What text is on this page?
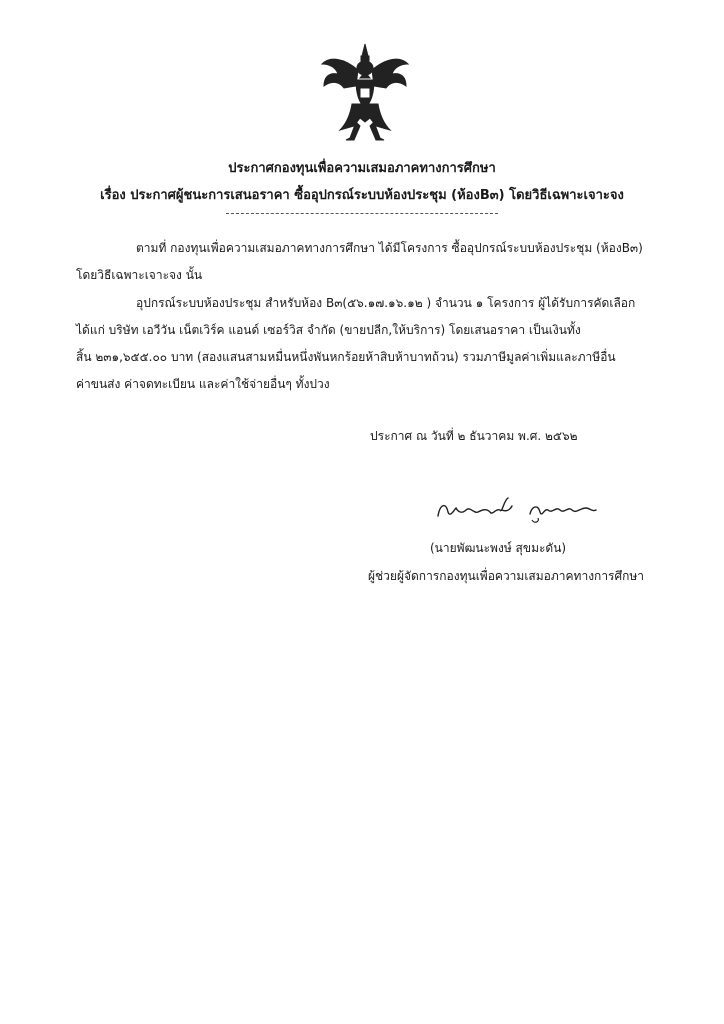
ประกาศกองทุนเพื่อความเสมอภาคทางการศึกษา
เรื่อง ประกาศผู้ชนะการเสนอราคา ซื้ออุปกรณ์ระบบห้องประชุม (ห้องB๓) โดยวิธีเฉพาะเจาะจง
ตามที่ กองทุนเพื่อความเสมอภาคทางการศึกษา ได้มีโครงการ ซื้ออุปกรณ์ระบบห้องประชุม (ห้องB๓)
โดยวิธีเฉพาะเจาะจง นั้น
อุปกรณ์ระบบห้องประชุม สำหรับห้อง B๓(๕๖.๑๗.๑๖.๑๒ ) จำนวน ๑ โครงการ ผู้ได้รับการคัดเลือก
ได้แก่ บริษัท เอวีวัน เน็ตเวิร์ค แอนด์ เซอร์วิส จำกัด (ขายปลีก,ให้บริการ) โดยเสนอราคา เป็นเงินทั้ง
สิ้น ๒๓๑,๖๕๕.๐๐ บาท (สองแสนสามหมื่นหนึ่งพันหกร้อยห้าสิบห้าบาทถ้วน) รวมภาษีมูลค่าเพิ่มและภาษีอื่น
ค่าขนส่ง ค่าจดทะเบียน และค่าใช้จ่ายอื่นๆ ทั้งปวง
ประกาศ ณ วันที่ ๒ ธันวาคม พ.ศ. ๒๕๖๒
(นายพัฒนะพงษ์ สุขมะดัน)
ผู้ช่วยผู้จัดการกองทุนเพื่อความเสมอภาคทางการศึกษา
